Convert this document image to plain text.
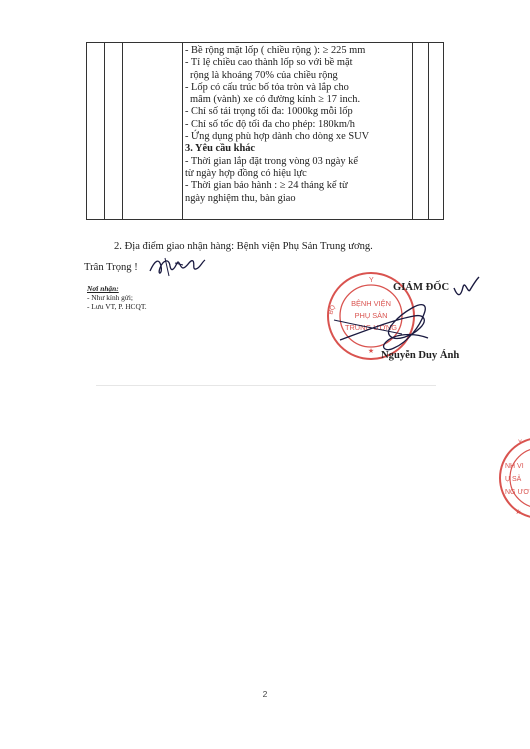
- Bề rộng mặt lốp ( chiều rộng ): ≥ 225 mm
- Tỉ lệ chiều cao thành lốp so với bề mặt
rộng là khoảng 70% của chiều rộng
- Lốp có cấu trúc bố tỏa tròn và lắp cho
mâm (vành) xe có đường kính ≥ 17 inch.
- Chỉ số tải trọng tối đa: 1000kg mỗi lốp
- Chỉ số tốc độ tối đa cho phép: 180km/h
- Ứng dụng phù hợp dành cho dòng xe SUV
3. Yêu cầu khác
- Thời gian lắp đặt trong vòng 03 ngày kể
từ ngày hợp đồng có hiệu lực
- Thời gian bảo hành : ≥ 24 tháng kể từ
ngày nghiệm thu, bàn giao
2. Địa điểm giao nhận hàng: Bệnh viện Phụ Sản Trung ương.
Trân Trọng !
Nơi nhận:
- Như kính gửi;
- Lưu VT, P. HCQT.
Y
BỘ
BỆNH VIỆN
PHỤ SẢN
TRUNG ƯƠNG
★
GIÁM ĐỐC
Nguyễn Duy Ánh
Y
NH VI
Ụ SẢ
NG ƯƠ
★
2
